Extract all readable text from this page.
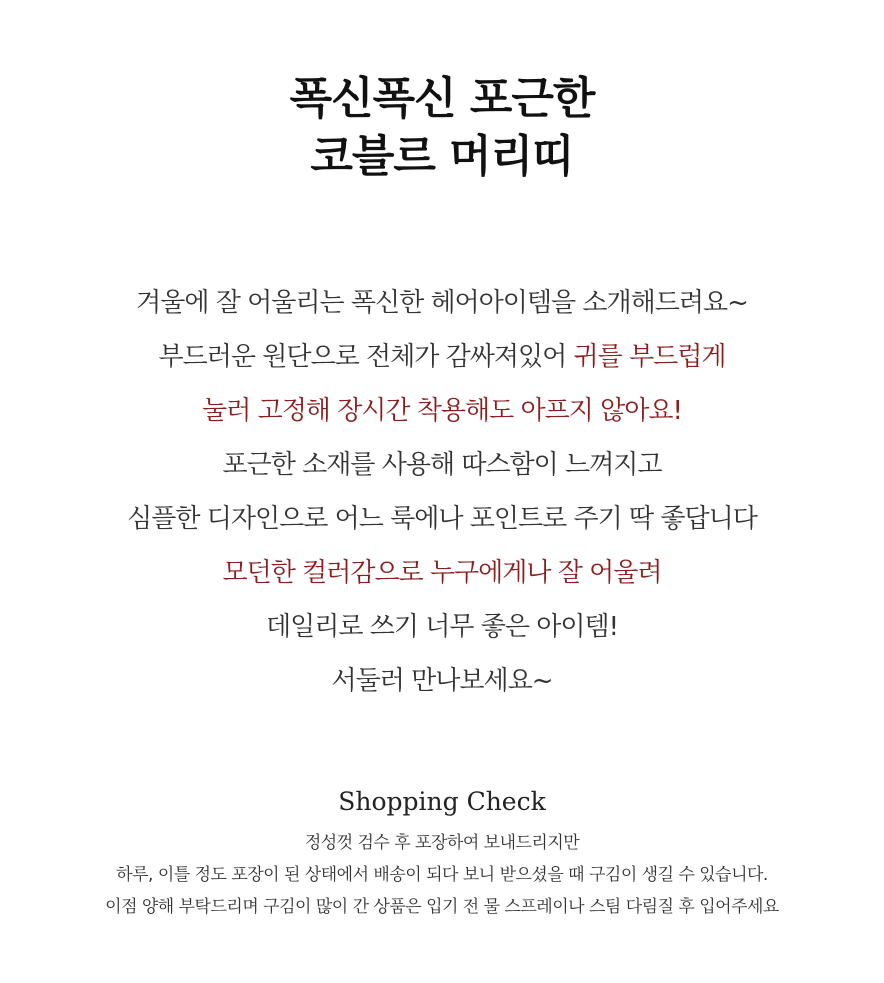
폭신폭신 포근한
코블르 머리띠
겨울에 잘 어울리는 폭신한 헤어아이템을 소개해드려요~
부드러운 원단으로 전체가 감싸져있어 귀를 부드럽게
눌러 고정해 장시간 착용해도 아프지 않아요!
포근한 소재를 사용해 따스함이 느껴지고
심플한 디자인으로 어느 룩에나 포인트로 주기 딱 좋답니다
모던한 컬러감으로 누구에게나 잘 어울려
데일리로 쓰기 너무 좋은 아이템!
서둘러 만나보세요~
Shopping Check
정성껏 검수 후 포장하여 보내드리지만
하루, 이틀 정도 포장이 된 상태에서 배송이 되다 보니 받으셨을 때 구김이 생길 수 있습니다.
이점 양해 부탁드리며 구김이 많이 간 상품은 입기 전 물 스프레이나 스팀 다림질 후 입어주세요
